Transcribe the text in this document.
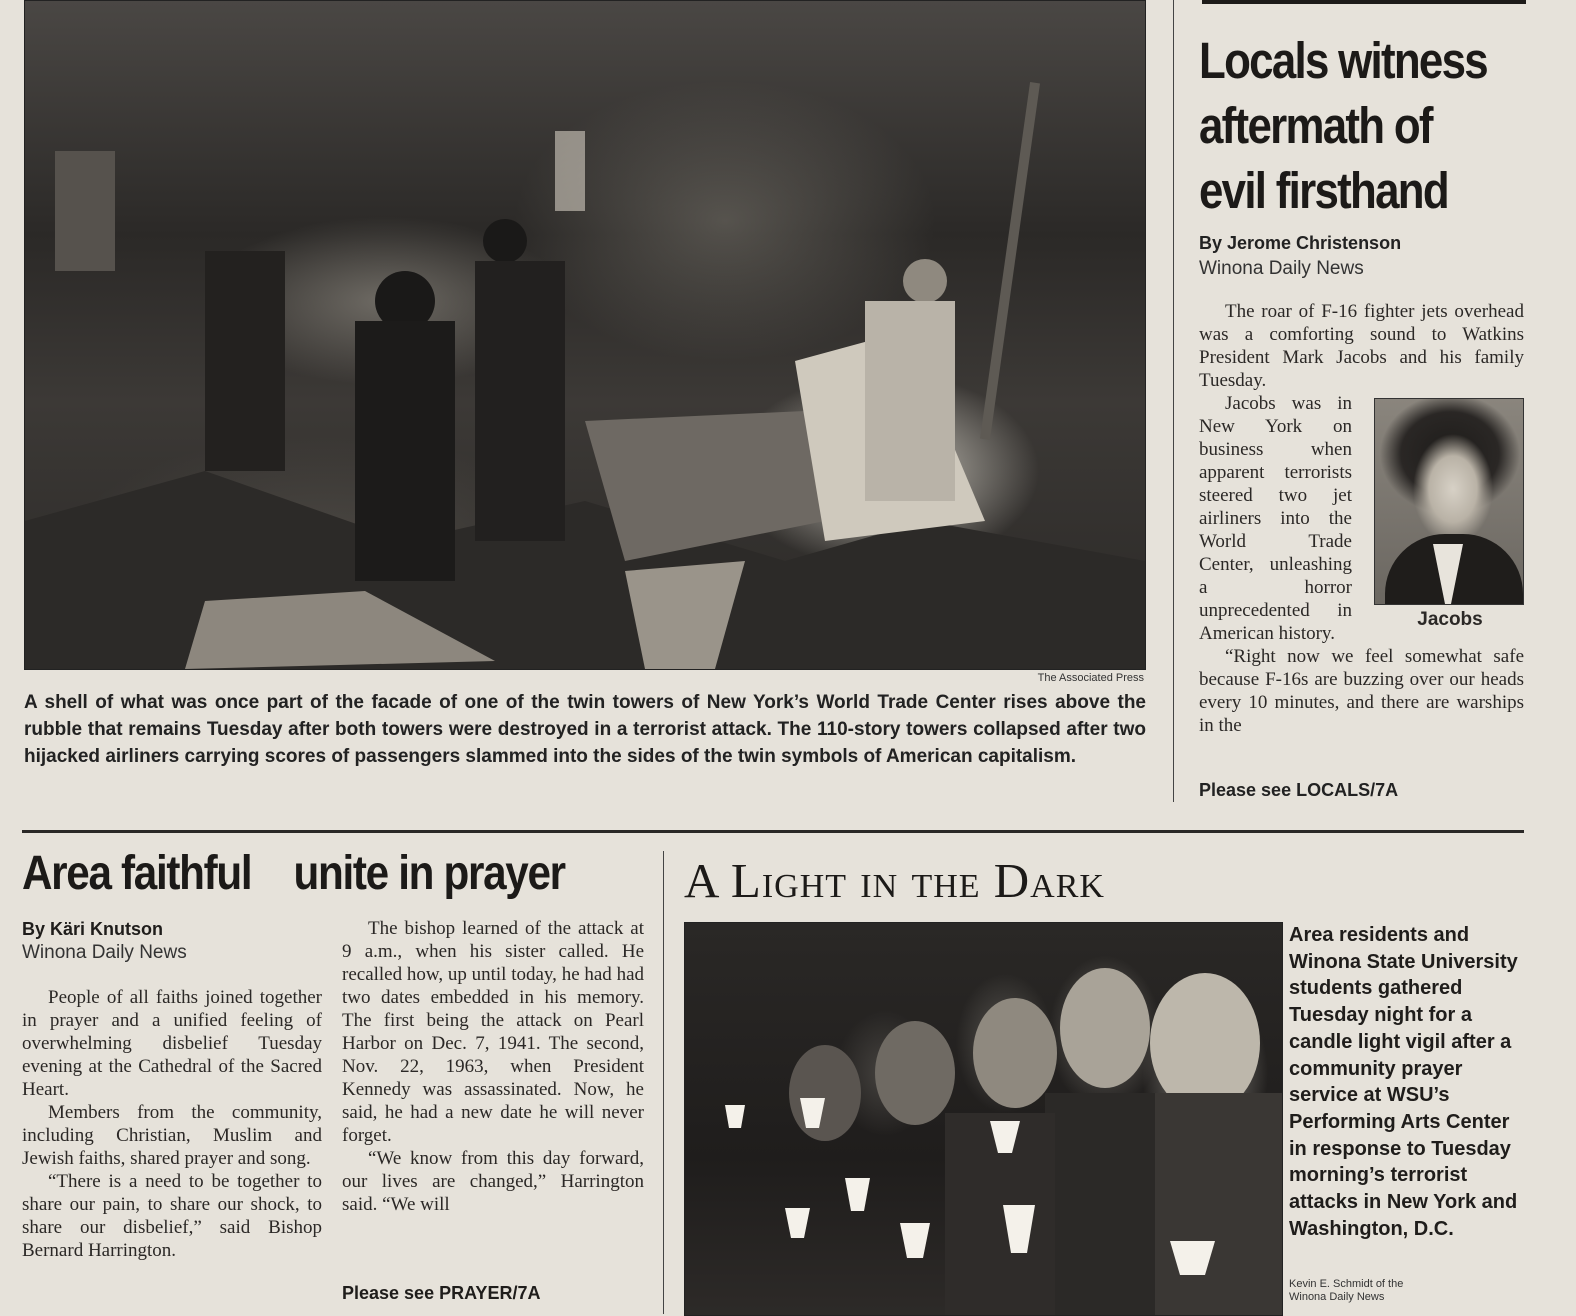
The Associated Press
A shell of what was once part of the facade of one of the twin towers of New York’s World Trade Center rises above the rubble that remains Tuesday after both towers were destroyed in a terrorist attack. The 110-story towers collapsed after two hijacked airliners carrying scores of passengers slammed into the sides of the twin symbols of American capitalism.
Locals witness aftermath of evil firsthand
By Jerome Christenson
Winona Daily News

The roar of F-16 fighter jets overhead was a comforting sound to Watkins President Mark Jacobs and his family Tuesday.

Jacobs

Jacobs was in New York on business when apparent terrorists steered two jet airliners into the World Trade Center, unleashing a horror unprecedented in American history.

“Right now we feel somewhat safe because F-16s are buzzing over our heads every 10 minutes, and there are warships in the

Please see LOCALS/7A
Area faithful unite in prayer
By Käri Knutson
Winona Daily News

People of all faiths joined together in prayer and a unified feeling of overwhelming disbelief Tuesday evening at the Cathedral of the Sacred Heart.

Members from the community, including Christian, Muslim and Jewish faiths, shared prayer and song.

“There is a need to be together to share our pain, to share our shock, to share our disbelief,” said Bishop Bernard Harrington.

The bishop learned of the attack at 9 a.m., when his sister called. He recalled how, up until today, he had had two dates embedded in his memory. The first being the attack on Pearl Harbor on Dec. 7, 1941. The second, Nov. 22, 1963, when President Kennedy was assassinated. Now, he said, he had a new date he will never forget.

“We know from this day forward, our lives are changed,” Harrington said. “We will

Please see PRAYER/7A
A Light in the Dark
Area residents and Winona State University students gathered Tuesday night for a candle light vigil after a community prayer service at WSU’s Performing Arts Center in response to Tuesday morning’s terrorist attacks in New York and Washington, D.C.
Kevin E. Schmidt of the
Winona Daily News
